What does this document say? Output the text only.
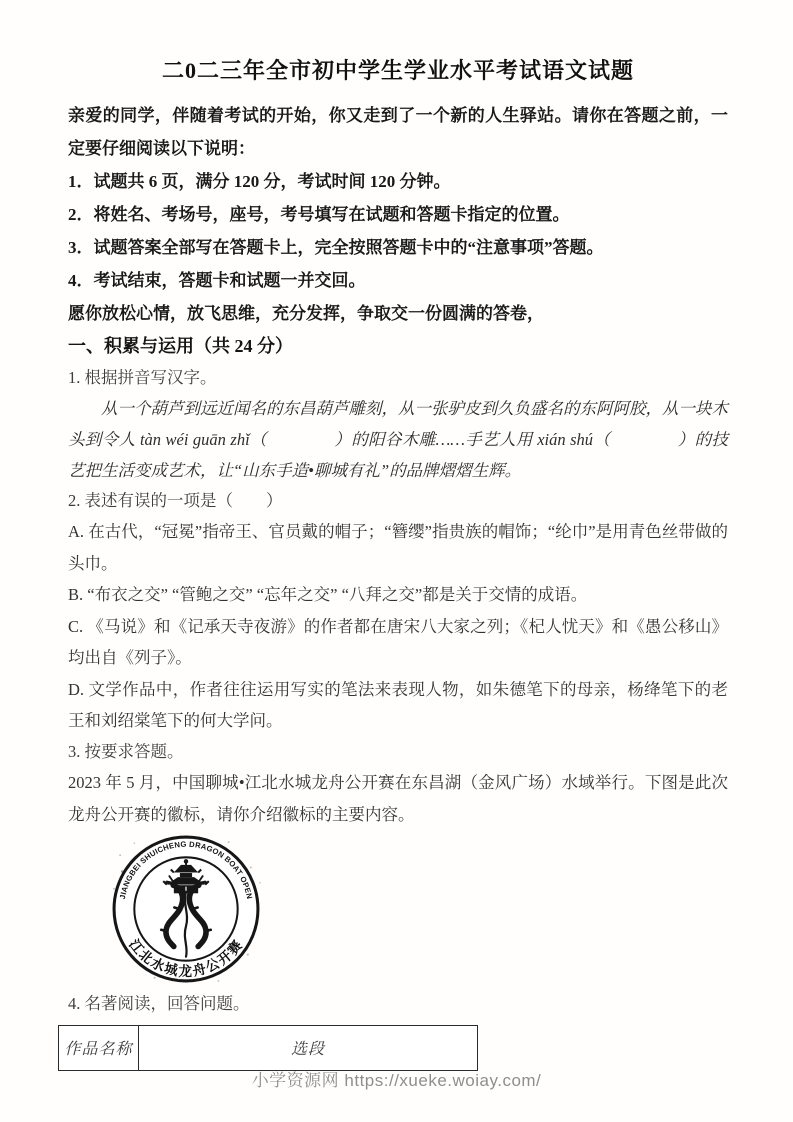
二0二三年全市初中学生学业水平考试语文试题

亲爱的同学，伴随着考试的开始，你又走到了一个新的人生驿站。请你在答题之前，一定要仔细阅读以下说明：

1．试题共 6 页，满分 120 分，考试时间 120 分钟。
2．将姓名、考场号，座号，考号填写在试题和答题卡指定的位置。
3．试题答案全部写在答题卡上，完全按照答题卡中的“注意事项”答题。
4．考试结束，答题卡和试题一并交回。
愿你放松心情，放飞思维，充分发挥，争取交一份圆满的答卷，
一、积累与运用（共 24 分）
1. 根据拼音写汉字。

从一个葫芦到远近闻名的东昌葫芦雕刻，从一张驴皮到久负盛名的东阿阿胶，从一块木头到令人 tàn wéi guān zhǐ（　　　　）的阳谷木雕……手艺人用 xián shú（　　　　）的技艺把生活变成艺术，让“山东手造•聊城有礼”的品牌熠熠生辉。

2. 表述有误的一项是（　　）
A. 在古代，“冠冕”指帝王、官员戴的帽子；“簪缨”指贵族的帽饰；“纶巾”是用青色丝带做的头巾。
B. “布衣之交” “管鲍之交” “忘年之交” “八拜之交”都是关于交情的成语。
C. 《马说》和《记承天寺夜游》的作者都在唐宋八大家之列；《杞人忧天》和《愚公移山》均出自《列子》。
D. 文学作品中，作者往往运用写实的笔法来表现人物，如朱德笔下的母亲，杨绛笔下的老王和刘绍棠笔下的何大学问。
3. 按要求答题。

2023 年 5 月，中国聊城•江北水城龙舟公开赛在东昌湖（金风广场）水域举行。下图是此次龙舟公开赛的徽标，请你介绍徽标的主要内容。

JIANGBEI SHUICHENG DRAGON BOAT OPEN
江北水城龙舟公开赛
4. 名著阅读，回答问题。
作品名称	选段
小学资源网 https://xueke.woiay.com/
